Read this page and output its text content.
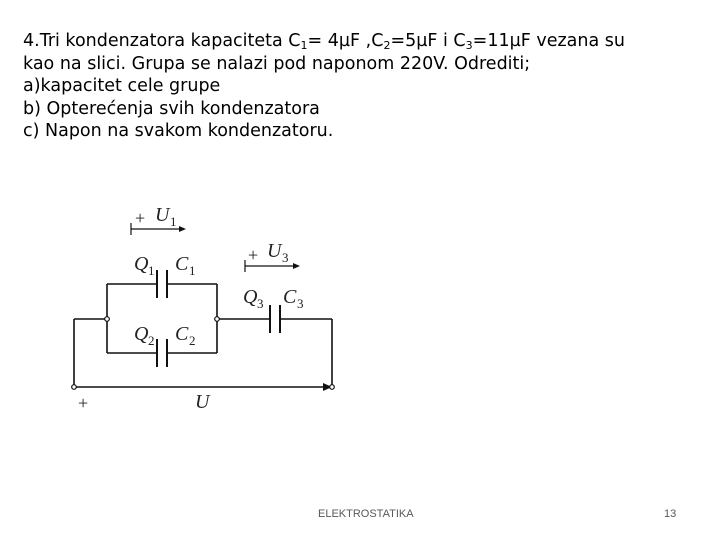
4.Tri kondenzatora kapaciteta $C_1= 4\mu F$ $,C_2=5\mu F$ i $C_3=11\mu F$ vezana su
kao na slici. Grupa se nalazi pod naponom 220V. Odrediti;
a)kapacitet cele grupe
b) Opterećenja svih kondenzatora
c) Napon na svakom kondenzatoru.
+ U 1
Q 1 C 1
Q 2 C 2
+ U 3
Q 3 C 3
+	U
ELEKTROSTATIKA	13
